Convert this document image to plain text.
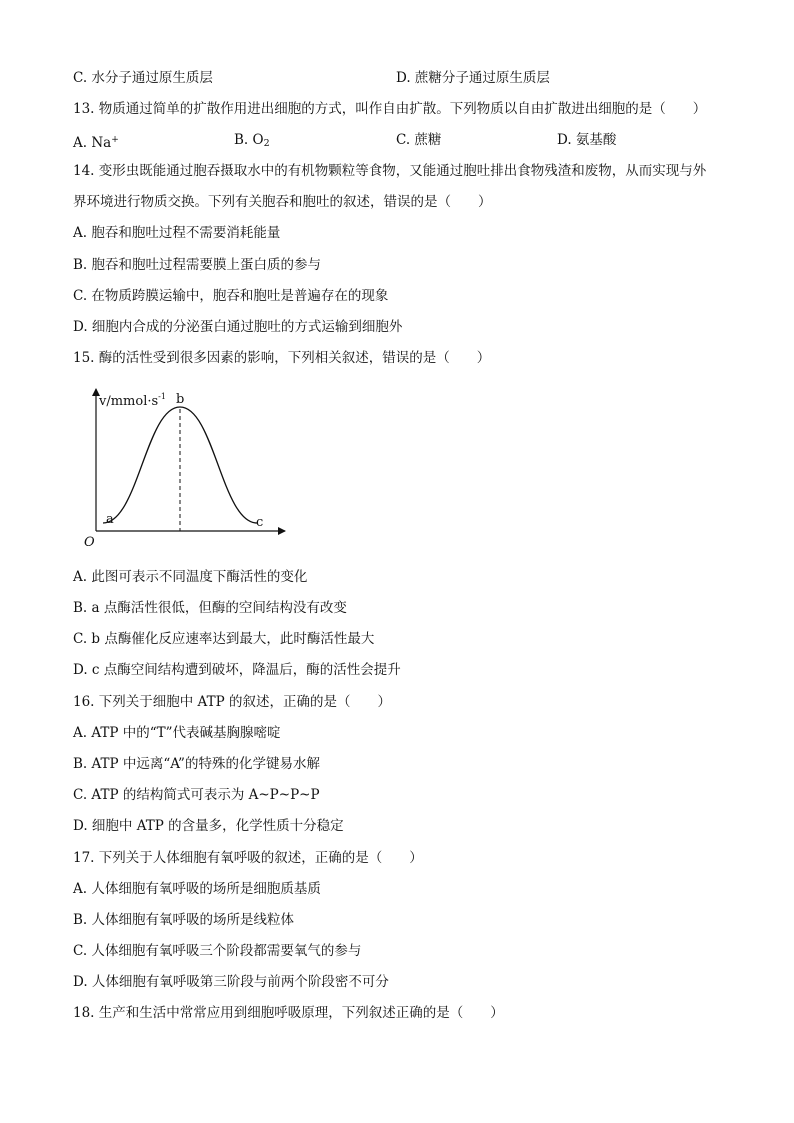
C. 水分子通过原生质层	D. 蔗糖分子通过原生质层
13. 物质通过简单的扩散作用进出细胞的方式，叫作自由扩散。下列物质以自由扩散进出细胞的是（　　）
A. Na+	B. $O_2$	C. 蔗糖	D. 氨基酸
14. 变形虫既能通过胞吞摄取水中的有机物颗粒等食物，又能通过胞吐排出食物残渣和废物，从而实现与外
界环境进行物质交换。下列有关胞吞和胞吐的叙述，错误的是（　　）
A. 胞吞和胞吐过程不需要消耗能量
B. 胞吞和胞吐过程需要膜上蛋白质的参与
C. 在物质跨膜运输中，胞吞和胞吐是普遍存在的现象
D. 细胞内合成的分泌蛋白通过胞吐的方式运输到细胞外
15. 酶的活性受到很多因素的影响，下列相关叙述，错误的是（　　）
$v/mmol\cdot s^{-1}$ b
a	c
O
A. 此图可表示不同温度下酶活性的变化
B. a 点酶活性很低，但酶的空间结构没有改变
C. b 点酶催化反应速率达到最大，此时酶活性最大
D. c 点酶空间结构遭到破坏，降温后，酶的活性会提升
16. 下列关于细胞中 ATP 的叙述，正确的是（　　）
A. ATP 中的“T”代表碱基胸腺嘧啶
B. ATP 中远离“A”的特殊的化学键易水解
C. ATP 的结构简式可表示为 A~P~P~P
D. 细胞中 ATP 的含量多，化学性质十分稳定
17. 下列关于人体细胞有氧呼吸的叙述，正确的是（　　）
A. 人体细胞有氧呼吸的场所是细胞质基质
B. 人体细胞有氧呼吸的场所是线粒体
C. 人体细胞有氧呼吸三个阶段都需要氧气的参与
D. 人体细胞有氧呼吸第三阶段与前两个阶段密不可分
18. 生产和生活中常常应用到细胞呼吸原理，下列叙述正确的是（　　）
